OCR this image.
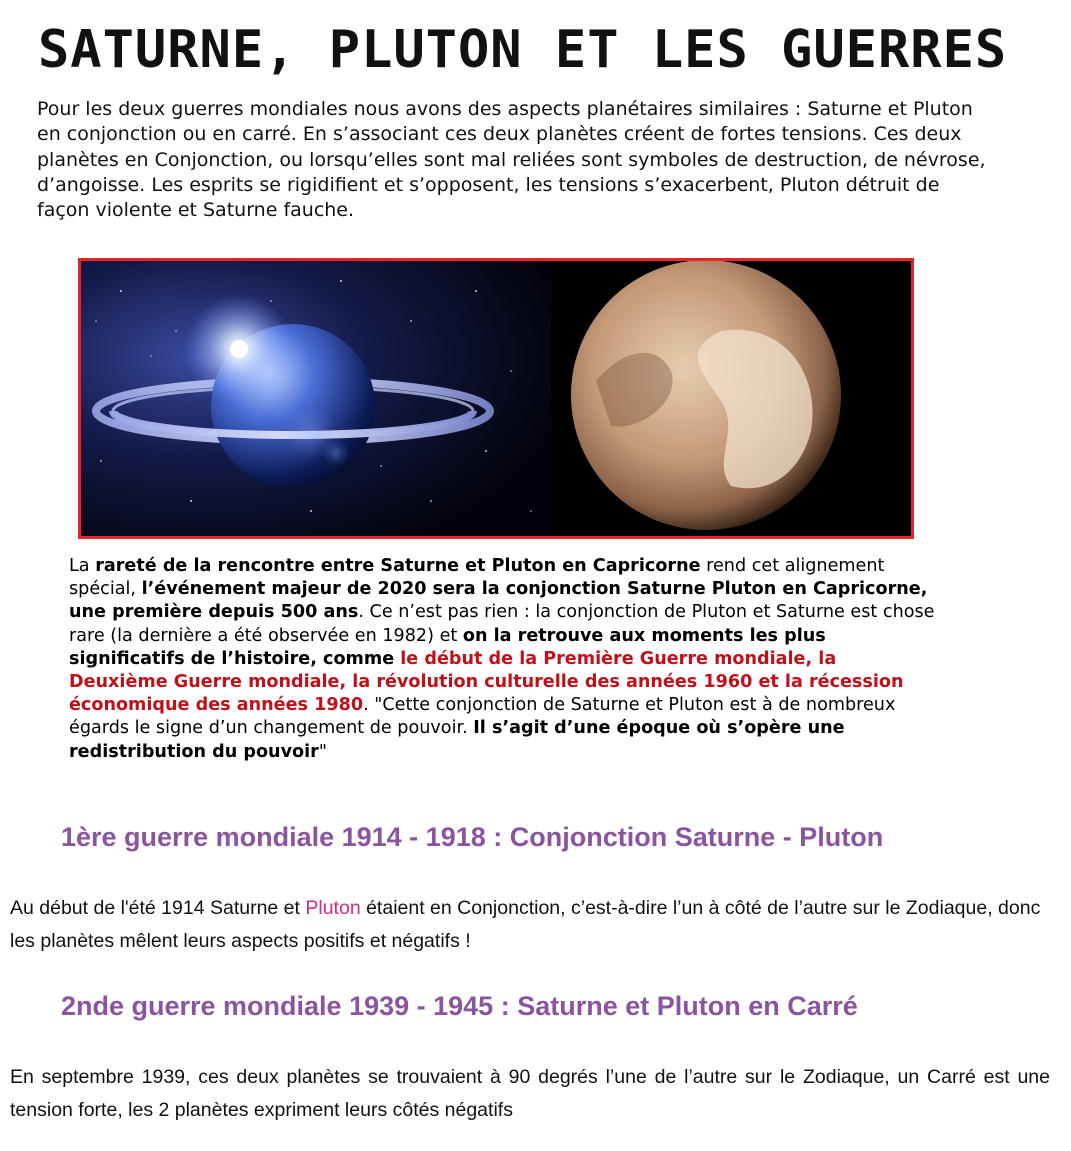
SATURNE, PLUTON ET LES GUERRES

Pour les deux guerres mondiales nous avons des aspects planétaires similaires : Saturne et Pluton en conjonction ou en carré. En s’associant ces deux planètes créent de fortes tensions. Ces deux planètes en Conjonction, ou lorsqu’elles sont mal reliées sont symboles de destruction, de névrose, d’angoisse. Les esprits se rigidifient et s’opposent, les tensions s’exacerbent, Pluton détruit de façon violente et Saturne fauche.

La rareté de la rencontre entre Saturne et Pluton en Capricorne rend cet alignement spécial, l’événement majeur de 2020 sera la conjonction Saturne Pluton en Capricorne, une première depuis 500 ans. Ce n’est pas rien : la conjonction de Pluton et Saturne est chose rare (la dernière a été observée en 1982) et on la retrouve aux moments les plus significatifs de l’histoire, comme le début de la Première Guerre mondiale, la Deuxième Guerre mondiale, la révolution culturelle des années 1960 et la récession économique des années 1980. "Cette conjonction de Saturne et Pluton est à de nombreux égards le signe d’un changement de pouvoir. Il s’agit d’une époque où s’opère une redistribution du pouvoir"

1ère guerre mondiale 1914 - 1918 : Conjonction Saturne - Pluton

Au début de l'été 1914 Saturne et Pluton étaient en Conjonction, c’est-à-dire l’un à côté de l’autre sur le Zodiaque, donc les planètes mêlent leurs aspects positifs et négatifs !

2nde guerre mondiale 1939 - 1945 : Saturne et Pluton en Carré

En septembre 1939, ces deux planètes se trouvaient à 90 degrés l’une de l’autre sur le Zodiaque, un Carré est une tension forte, les 2 planètes expriment leurs côtés négatifs
